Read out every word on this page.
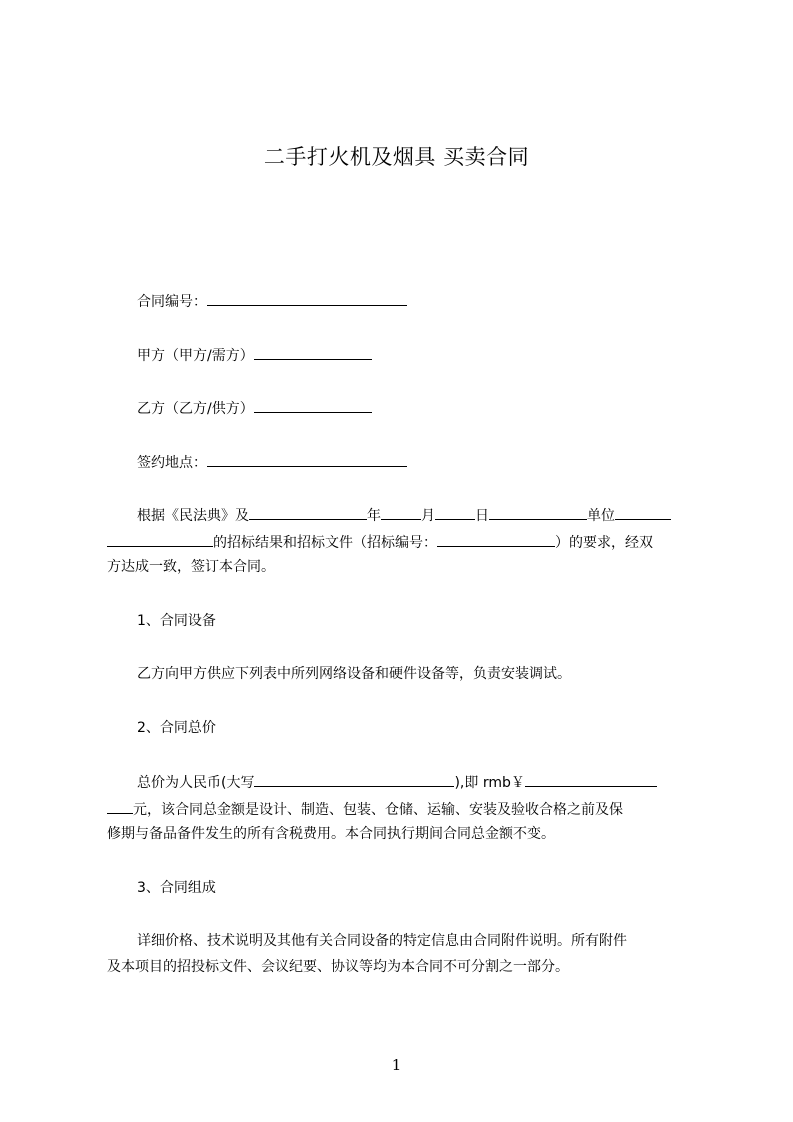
二手打火机及烟具 买卖合同
合同编号：
甲方（甲方/需方）
乙方（乙方/供方）
签约地点：
根据《民法典》及	年	月	日	单位
的招标结果和招标文件（招标编号：	）的要求，经双
方达成一致，签订本合同。
1、合同设备
乙方向甲方供应下列表中所列网络设备和硬件设备等，负责安装调试。
2、合同总价
总价为人民币(大写	),即 rmb￥
元，该合同总金额是设计、制造、包装、仓储、运输、安装及验收合格之前及保
修期与备品备件发生的所有含税费用。本合同执行期间合同总金额不变。
3、合同组成
详细价格、技术说明及其他有关合同设备的特定信息由合同附件说明。所有附件
及本项目的招投标文件、会议纪要、协议等均为本合同不可分割之一部分。
1
